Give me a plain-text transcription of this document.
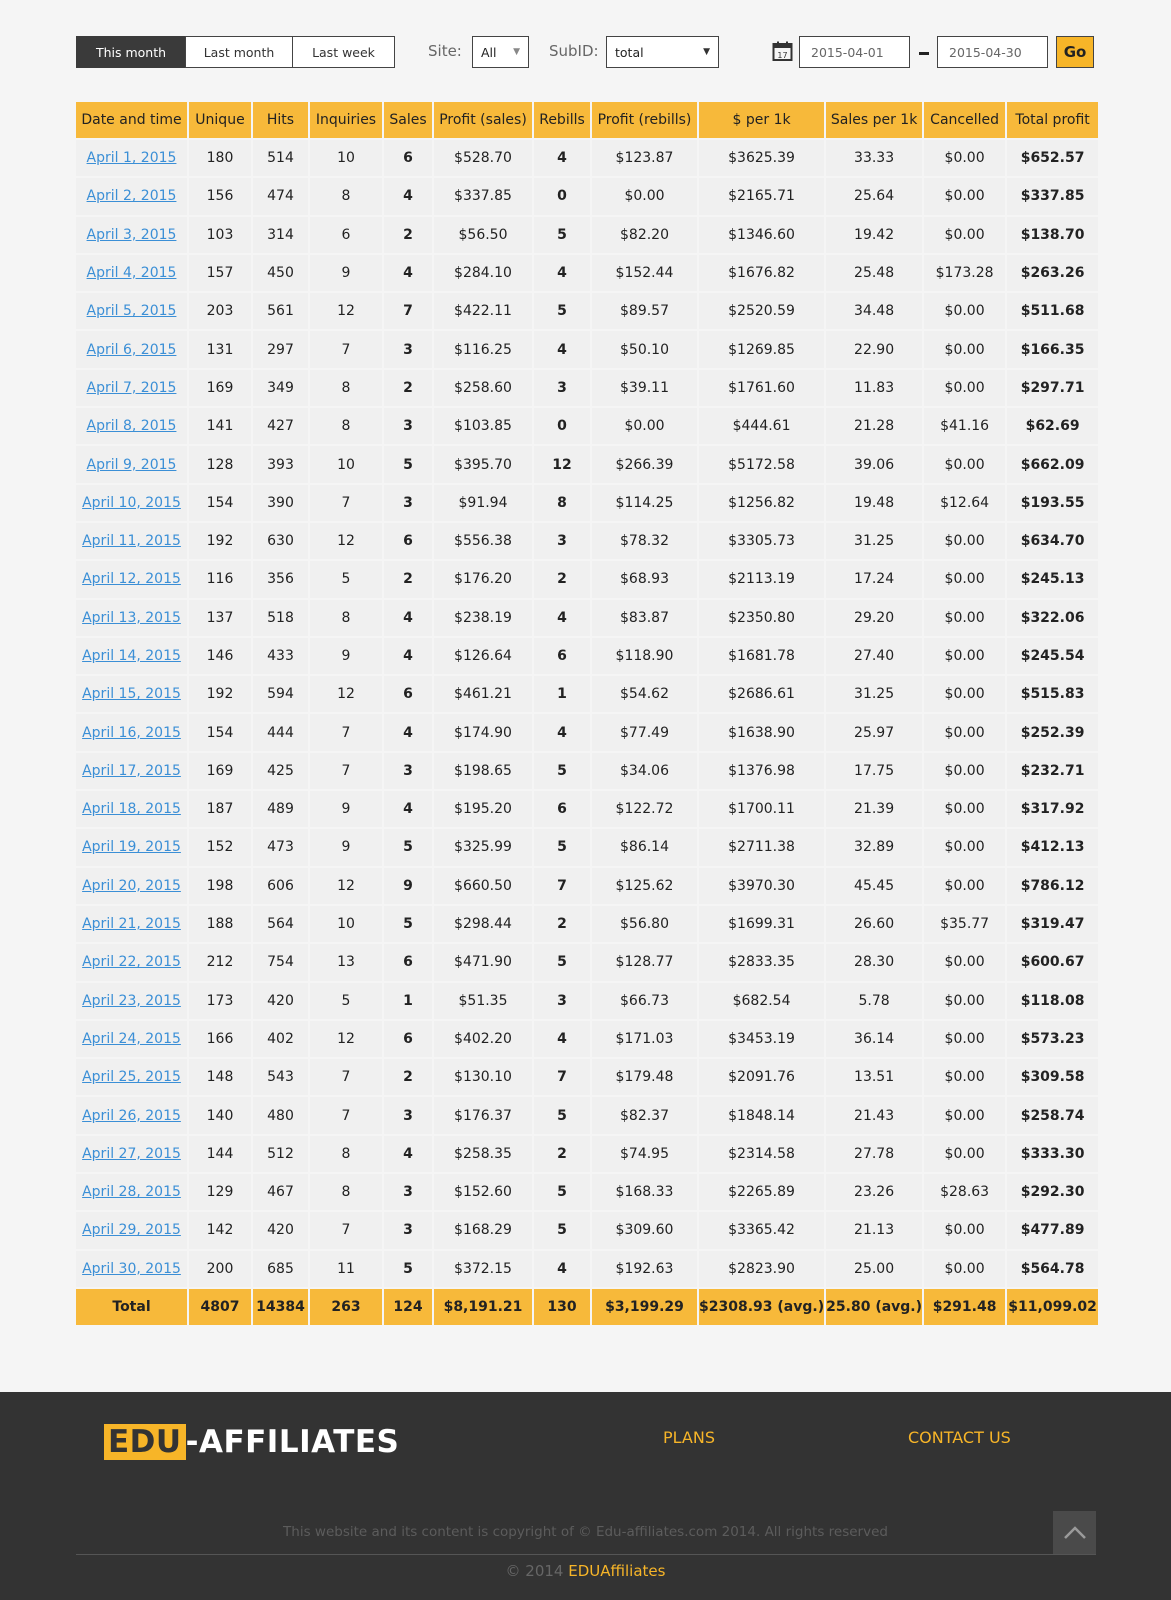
This month	Last month	Last week	Site: All ▼ SubID: total	▼	17	2015-04-01	2015-04-30	Go
Date and time	Unique	Hits	Inquiries	Sales	Profit (sales)	Rebills	Profit (rebills)	$ per 1k	Sales per 1k	Cancelled	Total profit
April 1, 2015	180	514	10	6	$528.70	4	$123.87	$3625.39	33.33	$0.00	$652.57
April 2, 2015	156	474	8	4	$337.85	0	$0.00	$2165.71	25.64	$0.00	$337.85
April 3, 2015	103	314	6	2	$56.50	5	$82.20	$1346.60	19.42	$0.00	$138.70
April 4, 2015	157	450	9	4	$284.10	4	$152.44	$1676.82	25.48	$173.28	$263.26
April 5, 2015	203	561	12	7	$422.11	5	$89.57	$2520.59	34.48	$0.00	$511.68
April 6, 2015	131	297	7	3	$116.25	4	$50.10	$1269.85	22.90	$0.00	$166.35
April 7, 2015	169	349	8	2	$258.60	3	$39.11	$1761.60	11.83	$0.00	$297.71
April 8, 2015	141	427	8	3	$103.85	0	$0.00	$444.61	21.28	$41.16	$62.69
April 9, 2015	128	393	10	5	$395.70	12	$266.39	$5172.58	39.06	$0.00	$662.09
April 10, 2015	154	390	7	3	$91.94	8	$114.25	$1256.82	19.48	$12.64	$193.55
April 11, 2015	192	630	12	6	$556.38	3	$78.32	$3305.73	31.25	$0.00	$634.70
April 12, 2015	116	356	5	2	$176.20	2	$68.93	$2113.19	17.24	$0.00	$245.13
April 13, 2015	137	518	8	4	$238.19	4	$83.87	$2350.80	29.20	$0.00	$322.06
April 14, 2015	146	433	9	4	$126.64	6	$118.90	$1681.78	27.40	$0.00	$245.54
April 15, 2015	192	594	12	6	$461.21	1	$54.62	$2686.61	31.25	$0.00	$515.83
April 16, 2015	154	444	7	4	$174.90	4	$77.49	$1638.90	25.97	$0.00	$252.39
April 17, 2015	169	425	7	3	$198.65	5	$34.06	$1376.98	17.75	$0.00	$232.71
April 18, 2015	187	489	9	4	$195.20	6	$122.72	$1700.11	21.39	$0.00	$317.92
April 19, 2015	152	473	9	5	$325.99	5	$86.14	$2711.38	32.89	$0.00	$412.13
April 20, 2015	198	606	12	9	$660.50	7	$125.62	$3970.30	45.45	$0.00	$786.12
April 21, 2015	188	564	10	5	$298.44	2	$56.80	$1699.31	26.60	$35.77	$319.47
April 22, 2015	212	754	13	6	$471.90	5	$128.77	$2833.35	28.30	$0.00	$600.67
April 23, 2015	173	420	5	1	$51.35	3	$66.73	$682.54	5.78	$0.00	$118.08
April 24, 2015	166	402	12	6	$402.20	4	$171.03	$3453.19	36.14	$0.00	$573.23
April 25, 2015	148	543	7	2	$130.10	7	$179.48	$2091.76	13.51	$0.00	$309.58
April 26, 2015	140	480	7	3	$176.37	5	$82.37	$1848.14	21.43	$0.00	$258.74
April 27, 2015	144	512	8	4	$258.35	2	$74.95	$2314.58	27.78	$0.00	$333.30
April 28, 2015	129	467	8	3	$152.60	5	$168.33	$2265.89	23.26	$28.63	$292.30
April 29, 2015	142	420	7	3	$168.29	5	$309.60	$3365.42	21.13	$0.00	$477.89
April 30, 2015	200	685	11	5	$372.15	4	$192.63	$2823.90	25.00	$0.00	$564.78
Total	4807	14384	263	124	$8,191.21	130	$3,199.29	$2308.93 (avg.)	25.80 (avg.)	$291.48	$11,099.02
EDU -AFFILIATES	PLANS	CONTACT US
This website and its content is copyright of © Edu-affiliates.com 2014. All rights reserved
© 2014 EDUAffiliates
